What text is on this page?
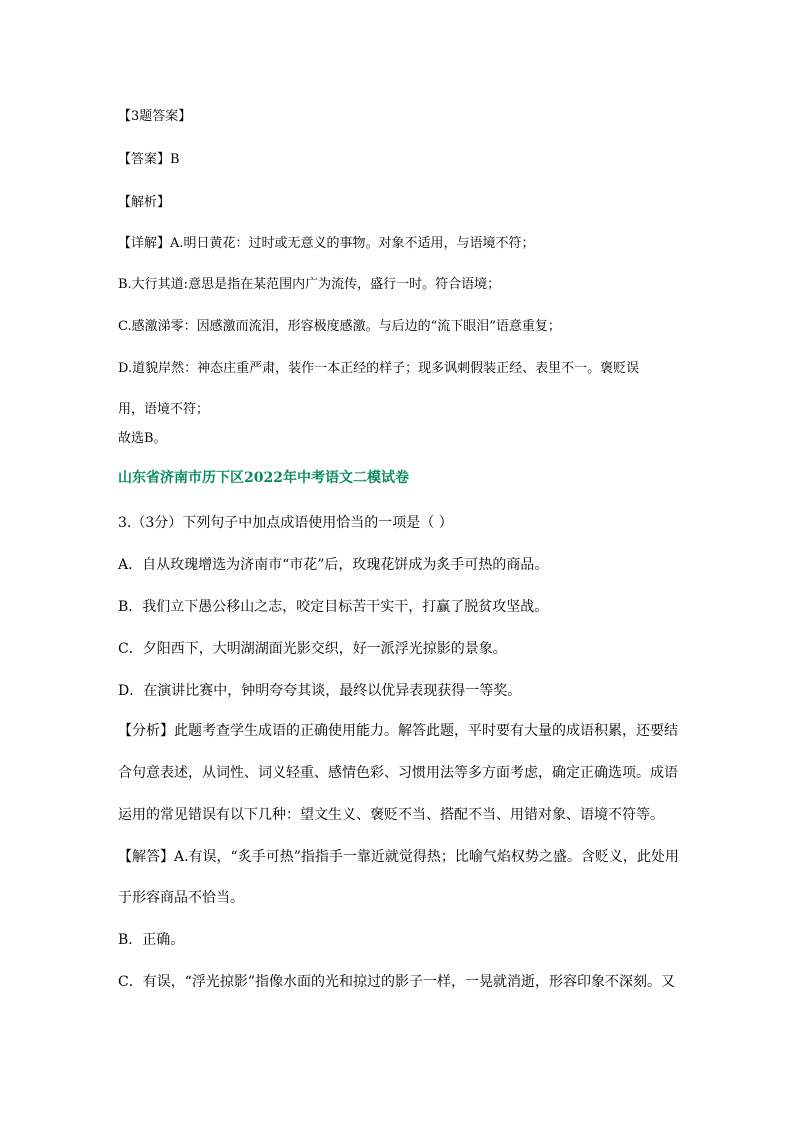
【3题答案】
【答案】B
【解析】
【详解】A.明日黄花：过时或无意义的事物。对象不适用，与语境不符；
B.大行其道:意思是指在某范围内广为流传，盛行一时。符合语境；
C.感激涕零：因感激而流泪，形容极度感激。与后边的“流下眼泪”语意重复；
D.道貌岸然：神态庄重严肃，装作一本正经的样子；现多讽刺假装正经、表里不一。褒贬误
用，语境不符；
故选B。
山东省济南市历下区2022年中考语文二模试卷
3.（3分）下列句子中加点成语使用恰当的一项是（ ）
A．自从玫瑰增选为济南市“市花”后，玫瑰花饼成为炙手可热的商品。
B．我们立下愚公移山之志，咬定目标苦干实干，打赢了脱贫攻坚战。
C．夕阳西下，大明湖湖面光影交织，好一派浮光掠影的景象。
D．在演讲比赛中，钟明夸夸其谈，最终以优异表现获得一等奖。
【分析】此题考查学生成语的正确使用能力。解答此题，平时要有大量的成语积累，还要结
合句意表述，从词性、词义轻重、感情色彩、习惯用法等多方面考虑，确定正确选项。成语
运用的常见错误有以下几种：望文生义、褒贬不当、搭配不当、用错对象、语境不符等。
【解答】A.有误，“炙手可热”指指手一靠近就觉得热；比喻气焰权势之盛。含贬义，此处用
于形容商品不恰当。
B．正确。
C．有误，“浮光掠影”指像水面的光和掠过的影子一样，一晃就消逝，形容印象不深刻。又
